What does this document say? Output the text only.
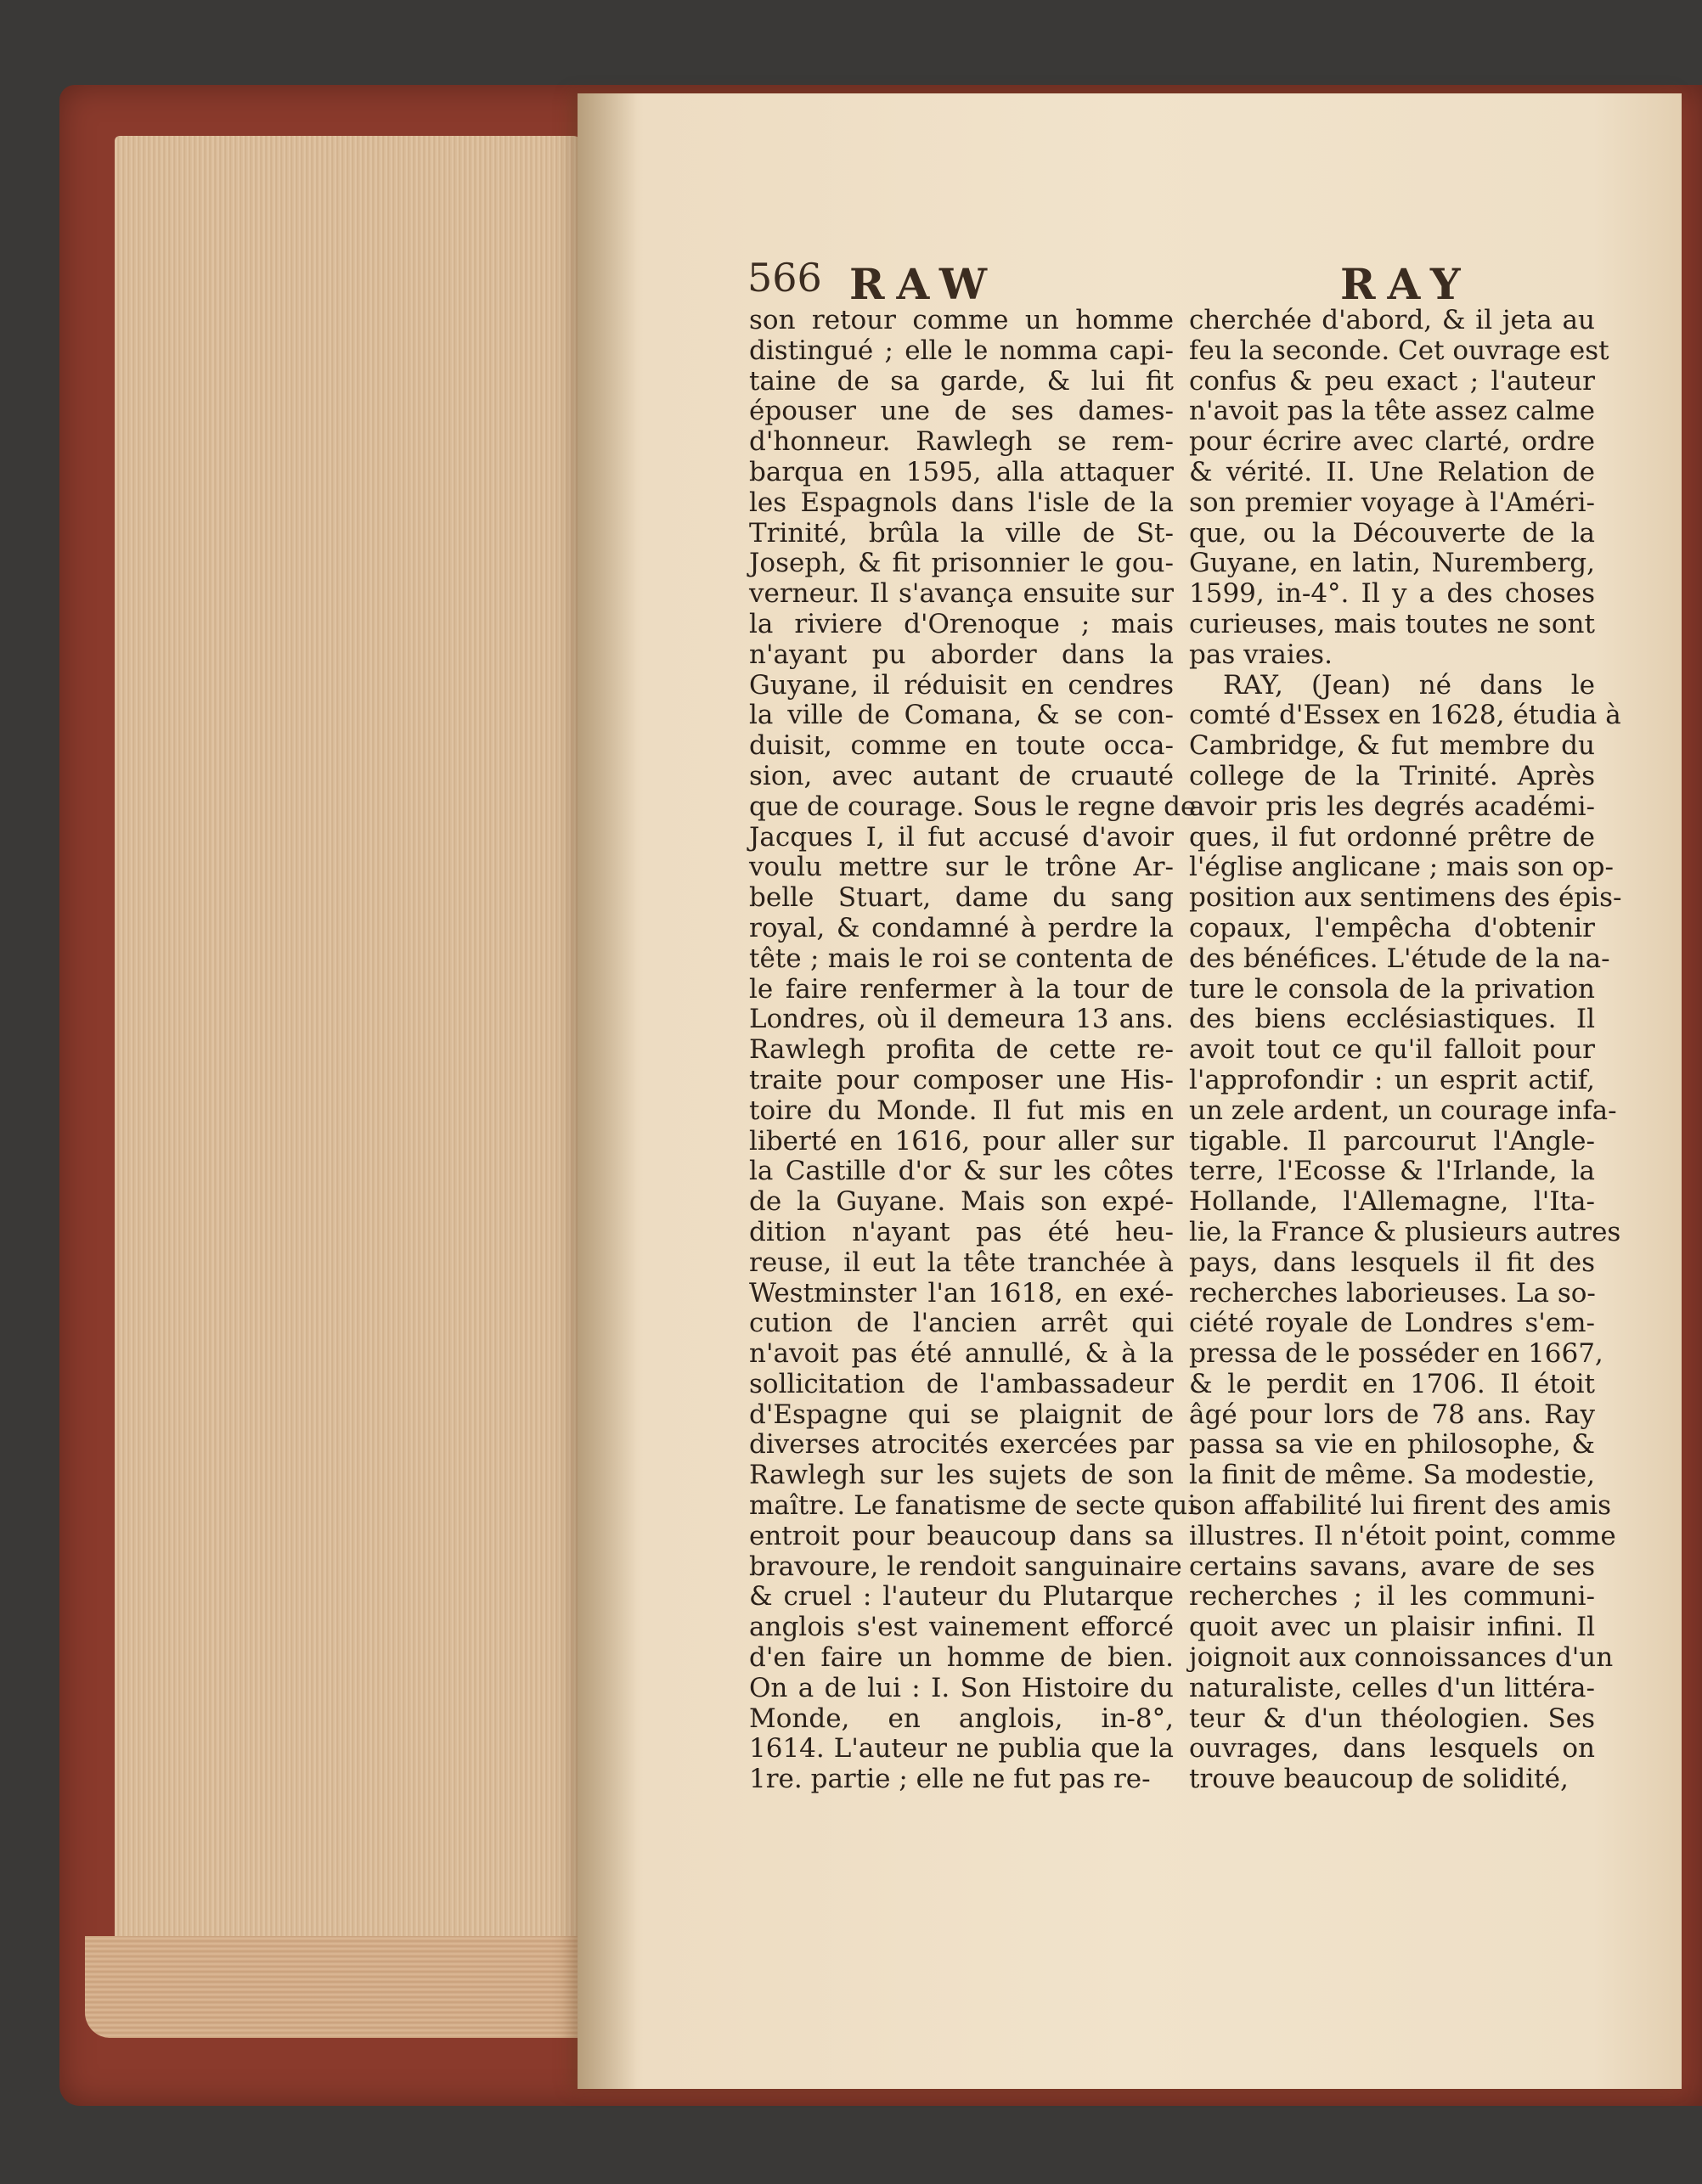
566 RAW	RAY
son retour comme un homme
distingué ; elle le nomma capi-
taine de sa garde, & lui fit
épouser une de ses dames-
d'honneur. Rawlegh se rem-
barqua en 1595, alla attaquer
les Espagnols dans l'isle de la
Trinité, brûla la ville de St-
Joseph, & fit prisonnier le gou-
verneur. Il s'avança ensuite sur
la riviere d'Orenoque ; mais
n'ayant pu aborder dans la
Guyane, il réduisit en cendres
la ville de Comana, & se con-
duisit, comme en toute occa-
sion, avec autant de cruauté
que de courage. Sous le regne de
Jacques I, il fut accusé d'avoir
voulu mettre sur le trône Ar-
belle Stuart, dame du sang
royal, & condamné à perdre la
tête ; mais le roi se contenta de
le faire renfermer à la tour de
Londres, où il demeura 13 ans.
Rawlegh profita de cette re-
traite pour composer une His-
toire du Monde. Il fut mis en
liberté en 1616, pour aller sur
la Castille d'or & sur les côtes
de la Guyane. Mais son expé-
dition n'ayant pas été heu-
reuse, il eut la tête tranchée à
Westminster l'an 1618, en exé-
cution de l'ancien arrêt qui
n'avoit pas été annullé, & à la
sollicitation de l'ambassadeur
d'Espagne qui se plaignit de
diverses atrocités exercées par
Rawlegh sur les sujets de son
maître. Le fanatisme de secte qui
entroit pour beaucoup dans sa
bravoure, le rendoit sanguinaire
& cruel : l'auteur du Plutarque
anglois s'est vainement efforcé
d'en faire un homme de bien.
On a de lui : I. Son Histoire du
Monde, en anglois, in-8°,
1614. L'auteur ne publia que la
1re. partie ; elle ne fut pas re-
cherchée d'abord, & il jeta au
feu la seconde. Cet ouvrage est
confus & peu exact ; l'auteur
n'avoit pas la tête assez calme
pour écrire avec clarté, ordre
& vérité. II. Une Relation de
son premier voyage à l'Améri-
que, ou la Découverte de la
Guyane, en latin, Nuremberg,
1599, in-4°. Il y a des choses
curieuses, mais toutes ne sont
pas vraies.
RAY, (Jean) né dans le
comté d'Essex en 1628, étudia à
Cambridge, & fut membre du
college de la Trinité. Après
avoir pris les degrés académi-
ques, il fut ordonné prêtre de
l'église anglicane ; mais son op-
position aux sentimens des épis-
copaux, l'empêcha d'obtenir
des bénéfices. L'étude de la na-
ture le consola de la privation
des biens ecclésiastiques. Il
avoit tout ce qu'il falloit pour
l'approfondir : un esprit actif,
un zele ardent, un courage infa-
tigable. Il parcourut l'Angle-
terre, l'Ecosse & l'Irlande, la
Hollande, l'Allemagne, l'Ita-
lie, la France & plusieurs autres
pays, dans lesquels il fit des
recherches laborieuses. La so-
ciété royale de Londres s'em-
pressa de le posséder en 1667,
& le perdit en 1706. Il étoit
âgé pour lors de 78 ans. Ray
passa sa vie en philosophe, &
la finit de même. Sa modestie,
son affabilité lui firent des amis
illustres. Il n'étoit point, comme
certains savans, avare de ses
recherches ; il les communi-
quoit avec un plaisir infini. Il
joignoit aux connoissances d'un
naturaliste, celles d'un littéra-
teur & d'un théologien. Ses
ouvrages, dans lesquels on
trouve beaucoup de solidité,
